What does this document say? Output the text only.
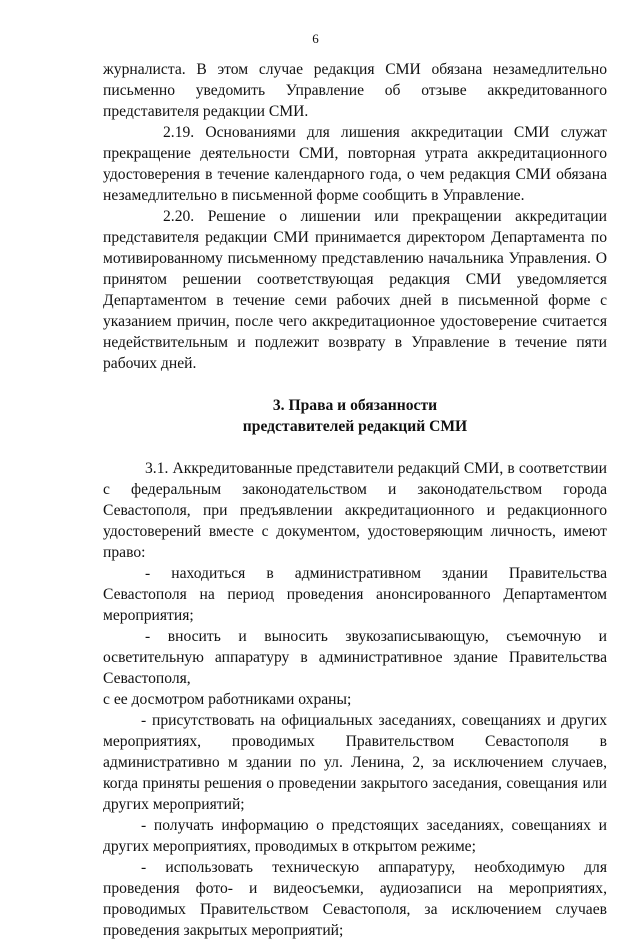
6

журналиста. В этом случае редакция СМИ обязана незамедлительно письменно уведомить Управление об отзыве аккредитованного представителя редакции СМИ.

2.19. Основаниями для лишения аккредитации СМИ служат прекращение деятельности СМИ, повторная утрата аккредитационного удостоверения в течение календарного года, о чем редакция СМИ обязана незамедлительно в письменной форме сообщить в Управление.

2.20. Решение о лишении или прекращении аккредитации представителя редакции СМИ принимается директором Департамента по мотивированному письменному представлению начальника Управления. О принятом решении соответствующая редакция СМИ уведомляется Департаментом в течение семи рабочих дней в письменной форме с указанием причин, после чего аккредитационное удостоверение считается недействительным и подлежит возврату в Управление в течение пяти рабочих дней.

3. Права и обязанности
представителей редакций СМИ

3.1. Аккредитованные представители редакций СМИ, в соответствии с федеральным законодательством и законодательством города Севастополя, при предъявлении аккредитационного и редакционного удостоверений вместе с документом, удостоверяющим личность, имеют право:

- находиться в административном здании Правительства Севастополя на период проведения анонсированного Департаментом мероприятия;

- вносить и выносить звукозаписывающую, съемочную и осветительную аппаратуру в административное здание Правительства Севастополя,

с ее досмотром работниками охраны;

- присутствовать на официальных заседаниях, совещаниях и других мероприятиях, проводимых Правительством Севастополя в административно м здании по ул. Ленина, 2, за исключением случаев, когда приняты решения о проведении закрытого заседания, совещания или других мероприятий;

- получать информацию о предстоящих заседаниях, совещаниях и других мероприятиях, проводимых в открытом режиме;

- использовать техническую аппаратуру, необходимую для проведения фото- и видеосъемки, аудиозаписи на мероприятиях, проводимых Правительством Севастополя, за исключением случаев проведения закрытых мероприятий;
